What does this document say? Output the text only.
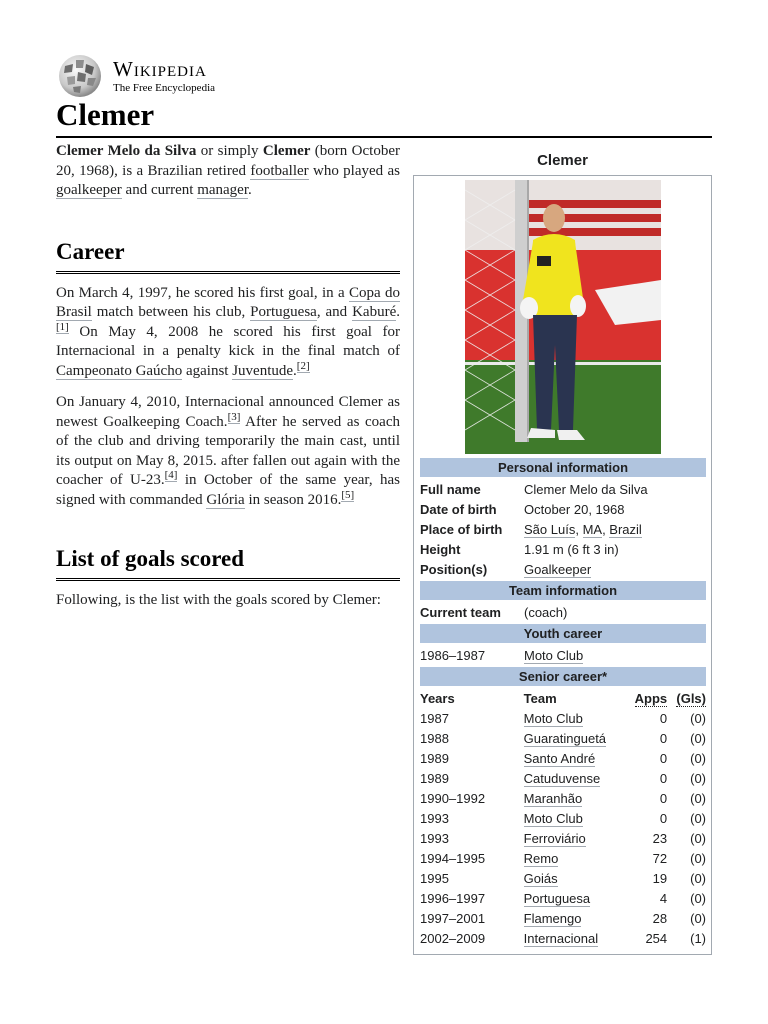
Wikipedia
The Free Encyclopedia
Clemer

Clemer Melo da Silva or simply Clemer (born October 20, 1968), is a Brazilian retired footballer who played as goalkeeper and current manager.

Career

On March 4, 1997, he scored his first goal, in a Copa do Brasil match between his club, Portuguesa, and Kaburé.[1] On May 4, 2008 he scored his first goal for Internacional in a penalty kick in the final match of Campeonato Gaúcho against Juventude.[2]

On January 4, 2010, Internacional announced Clemer as newest Goalkeeping Coach.[3] After he served as coach of the club and driving temporarily the main cast, until its output on May 8, 2015. after fallen out again with the coacher of U-23.[4] in October of the same year, has signed with commanded Glória in season 2016.[5]

List of goals scored

Following, is the list with the goals scored by Clemer:

Clemer
Personal information
Full name	Clemer Melo da Silva
Date of birth	October 20, 1968
Place of birth	São Luís, MA, Brazil
Height	1.91 m (6 ft 3 in)
Position(s)	Goalkeeper
Team information
Current team	(coach)
Youth career
1986–1987	Moto Club
Senior career*
Years	Team	Apps (Gls)
1987	Moto Club	0	(0)
1988	Guaratinguetá	0	(0)
1989	Santo André	0	(0)
1989	Catuduvense	0	(0)
1990–1992	Maranhão	0	(0)
1993	Moto Club	0	(0)
1993	Ferroviário	23	(0)
1994–1995	Remo	72	(0)
1995	Goiás	19	(0)
1996–1997	Portuguesa	4	(0)
1997–2001	Flamengo	28	(0)
2002–2009	Internacional	254	(1)
